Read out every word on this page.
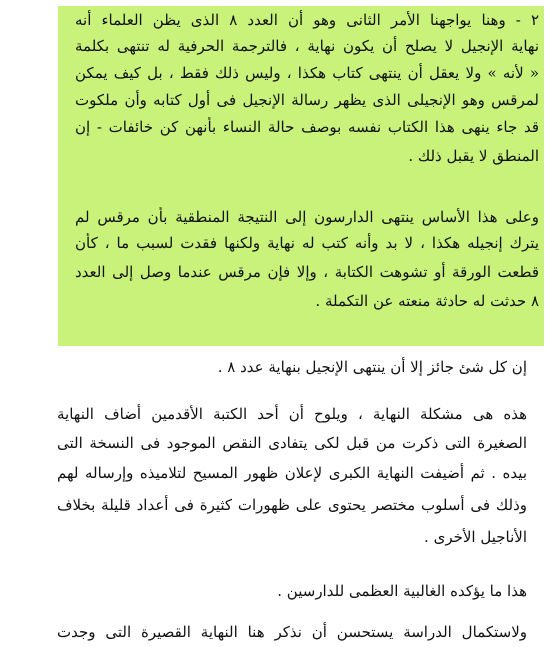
٢ - وهنا يواجهنا الأمر الثانى وهو أن العدد ٨ الذى يظن العلماء أنه
نهاية الإنجيل لا يصلح أن يكون نهاية ، فالترجمة الحرفية له تنتهى بكلمة
« لأنه » ولا يعقل أن ينتهى كتاب هكذا ، وليس ذلك فقط ، بل كيف يمكن
لمرقس وهو الإنجيلى الذى يظهر رسالة الإنجيل فى أول كتابه وأن ملكوت
قد جاء ينهى هذا الكتاب نفسه بوصف حالة النساء بأنهن كن خائفات - إن
المنطق لا يقبل ذلك .
وعلى هذا الأساس ينتهى الدارسون إلى النتيجة المنطقية بأن مرقس لم
يترك إنجيله هكذا ، لا بد وأنه كتب له نهاية ولكنها فقدت لسبب ما ، كأن
قطعت الورقة أو تشوهت الكتابة ، وإلا فإن مرقس عندما وصل إلى العدد
٨ حدثت له حادثة منعته عن التكملة .
إن كل شئ جائز إلا أن ينتهى الإنجيل بنهاية عدد ٨ .
هذه هى مشكلة النهاية ، ويلوح أن أحد الكتبة الأقدمين أضاف النهاية
الصغيرة التى ذكرت من قبل لكى يتفادى النقص الموجود فى النسخة التى
بيده . ثم أضيفت النهاية الكبرى لإعلان ظهور المسيح لتلاميذه وإرساله لهم
وذلك فى أسلوب مختصر يحتوى على ظهورات كثيرة فى أعداد قليلة بخلاف
الأناجيل الأخرى .
هذا ما يؤكده الغالبية العظمى للدارسين .
ولاستكمال الدراسة يستحسن أن نذكر هنا النهاية القصيرة التى وجدت
